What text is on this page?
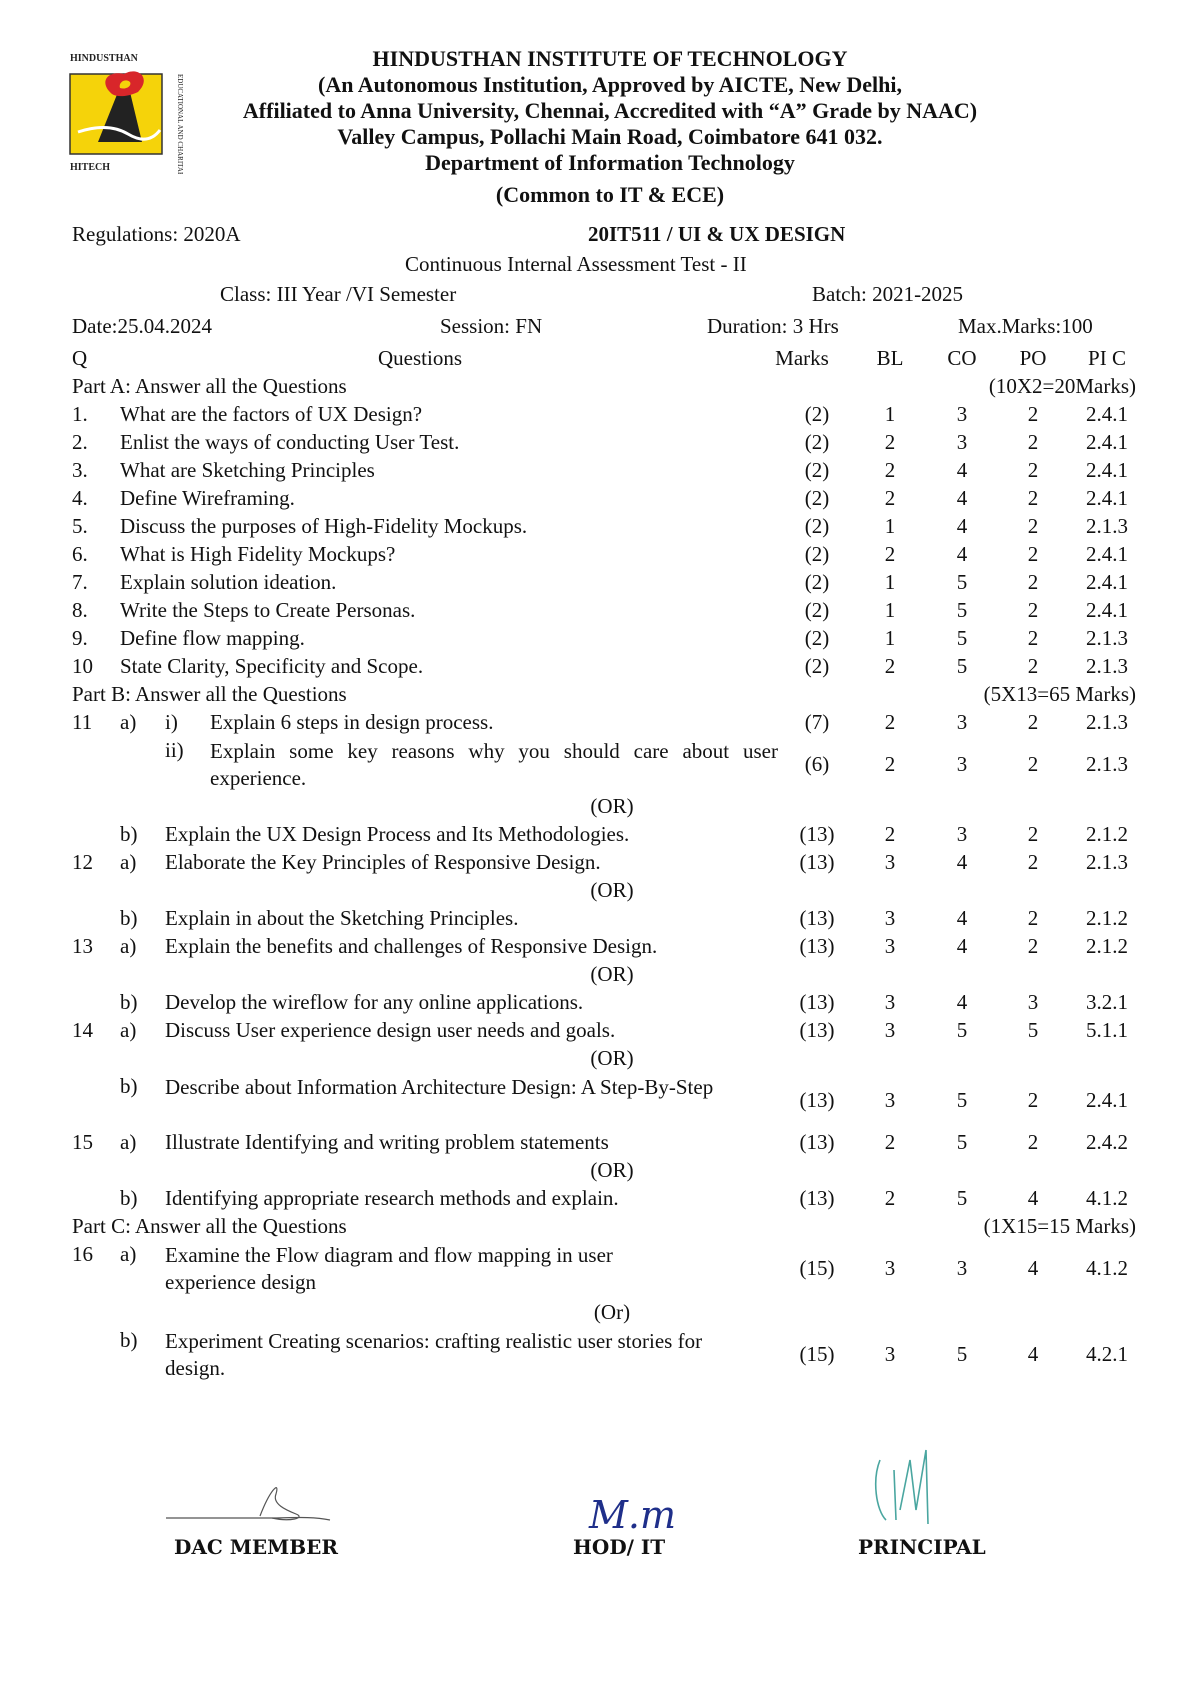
HINDUSTHAN
HITECH	EDUCATIONAL AND CHARITABLE TRUST
HINDUSTHAN INSTITUTE OF TECHNOLOGY
(An Autonomous Institution, Approved by AICTE, New Delhi,
Affiliated to Anna University, Chennai, Accredited with “A” Grade by NAAC)
Valley Campus, Pollachi Main Road, Coimbatore 641 032.
Department of Information Technology
(Common to IT & ECE)
Regulations: 2020A	20IT511 / UI & UX DESIGN
Continuous Internal Assessment Test - II
Class: III Year /VI Semester	Batch: 2021-2025
Date:25.04.2024	Session: FN	Duration: 3 Hrs	Max.Marks:100
Q	Questions	Marks	BL	CO	PO	PI C
Part A: Answer all the Questions	(10X2=20Marks)
1. What are the factors of UX Design?	(2)	1	3	2	2.4.1
2. Enlist the ways of conducting User Test.	(2)	2	3	2	2.4.1
3. What are Sketching Principles	(2)	2	4	2	2.4.1
4. Define Wireframing.	(2)	2	4	2	2.4.1
5. Discuss the purposes of High-Fidelity Mockups.	(2)	1	4	2	2.1.3
6. What is High Fidelity Mockups?	(2)	2	4	2	2.4.1
7. Explain solution ideation.	(2)	1	5	2	2.4.1
8. Write the Steps to Create Personas.	(2)	1	5	2	2.4.1
9. Define flow mapping.	(2)	1	5	2	2.1.3
10 State Clarity, Specificity and Scope.	(2)	2	5	2	2.1.3
Part B: Answer all the Questions	(5X13=65 Marks)
11 a) i) Explain 6 steps in design process.	(7)	2	3	2	2.1.3
ii) Explain some key reasons why you should care about user experience.
(6)	2	3	2	2.1.3
(OR)
b) Explain the UX Design Process and Its Methodologies.	(13)	2	3	2	2.1.2
12 a) Elaborate the Key Principles of Responsive Design.	(13)	3	4	2	2.1.3
(OR)
b) Explain in about the Sketching Principles.	(13)	3	4	2	2.1.2
13 a) Explain the benefits and challenges of Responsive Design.	(13)	3	4	2	2.1.2
(OR)
b) Develop the wireflow for any online applications.	(13)	3	4	3	3.2.1
14 a) Discuss User experience design user needs and goals.	(13)	3	5	5	5.1.1
(OR)
b) Describe about Information Architecture Design: A Step-By-Step
(13)	3	5	2	2.4.1
15 a) Illustrate Identifying and writing problem statements	(13)	2	5	2	2.4.2
(OR)
b) Identifying appropriate research methods and explain.	(13)	2	5	4	4.1.2
Part C: Answer all the Questions	(1X15=15 Marks)
16 a) Examine the Flow diagram and flow mapping in user experience design
(15)	3	3	4	4.1.2
(Or)
b) Experiment Creating scenarios: crafting realistic user stories for design.
(15)	3	5	4	4.2.1
DAC MEMBER
M.m
HOD/ IT	PRINCIPAL
